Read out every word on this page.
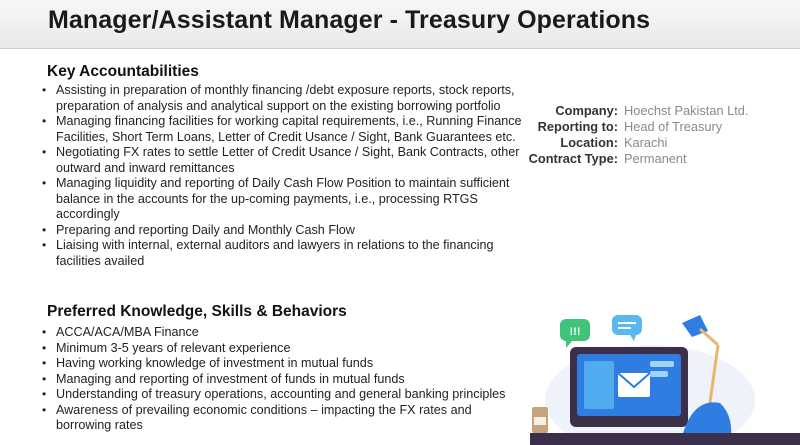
Manager/Assistant Manager - Treasury Operations
Key Accountabilities
• Assisting in preparation of monthly financing /debt exposure reports, stock reports, preparation of analysis and analytical support on the existing borrowing portfolio
• Managing financing facilities for working capital requirements, i.e., Running Finance Facilities, Short Term Loans, Letter of Credit Usance / Sight, Bank Guarantees etc.
• Negotiating FX rates to settle Letter of Credit Usance / Sight, Bank Contracts, other outward and inward remittances
• Managing liquidity and reporting of Daily Cash Flow Position to maintain sufficient balance in the accounts for the up-coming payments, i.e., processing RTGS accordingly
• Preparing and reporting Daily and Monthly Cash Flow
• Liaising with internal, external auditors and lawyers in relations to the financing facilities availed
Preferred Knowledge, Skills & Behaviors
• ACCA/ACA/MBA Finance
• Minimum 3-5 years of relevant experience
• Having working knowledge of investment in mutual funds
• Managing and reporting of investment of funds in mutual funds
• Understanding of treasury operations, accounting and general banking principles
• Awareness of prevailing economic conditions – impacting the FX rates and borrowing rates
Company: Hoechst Pakistan Ltd.
Reporting to: Head of Treasury
Location: Karachi
Contract Type: Permanent
!!!
